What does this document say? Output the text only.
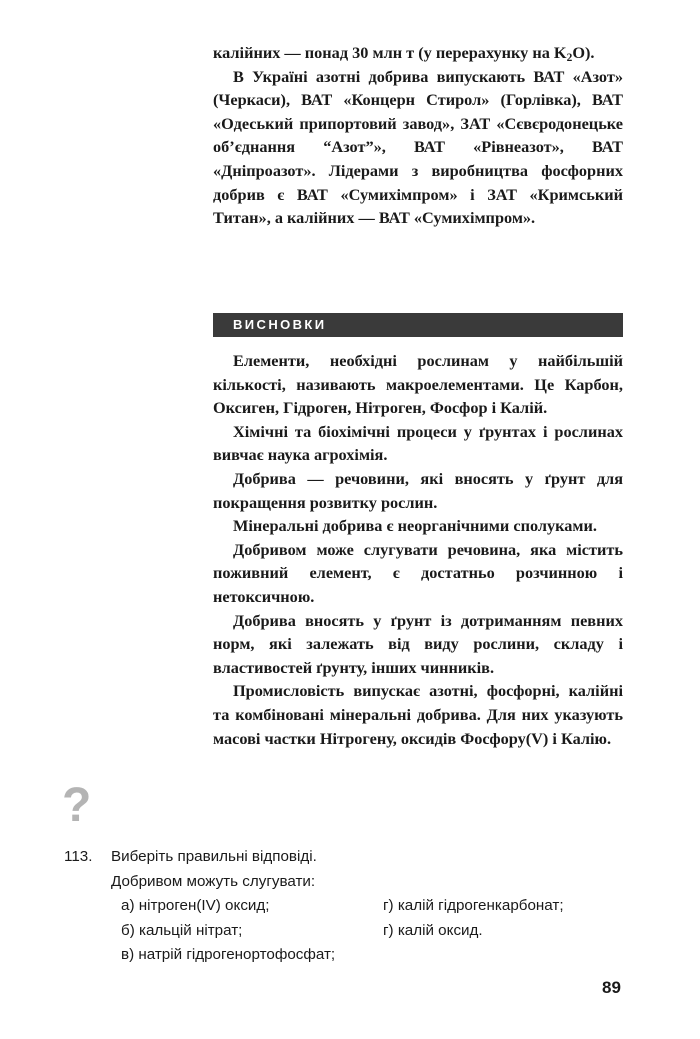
калійних — понад 30 млн т (у перерахунку на $K_2O$).

В Україні азотні добрива випускають ВАТ «Азот» (Черкаси), ВАТ «Концерн Стирол» (Горлівка), ВАТ «Одеський припортовий завод», ЗАТ «Сєвєродонецьке об’єднання “Азот”», ВАТ «Рівнеазот», ВАТ «Дніпроазот». Лідерами з виробництва фосфорних добрив є ВАТ «Сумихімпром» і ЗАТ «Кримський Титан», а калійних — ВАТ «Сумихімпром».

ВИСНОВКИ

Елементи, необхідні рослинам у найбільшій кількості, називають макроелементами. Це Карбон, Оксиген, Гідроген, Нітроген, Фосфор і Калій.

Хімічні та біохімічні процеси у ґрунтах і рослинах вивчає наука агрохімія.

Добрива — речовини, які вносять у ґрунт для покращення розвитку рослин.

Мінеральні добрива є неорганічними сполуками.

Добривом може слугувати речовина, яка містить поживний елемент, є достатньо розчинною і нетоксичною.

Добрива вносять у ґрунт із дотриманням певних норм, які залежать від виду рослини, складу і властивостей ґрунту, інших чинників.

Промисловість випускає азотні, фосфорні, калійні та комбіновані мінеральні добрива. Для них указують масові частки Нітрогену, оксидів Фосфору(V) і Калію.

?
113. Виберіть правильні відповіді.
Добривом можуть слугувати:
а) нітроген(IV) оксид;	г) калій гідрогенкарбонат;
б) кальцій нітрат;	г) калій оксид.
в) натрій гідрогенортофосфат;
89
